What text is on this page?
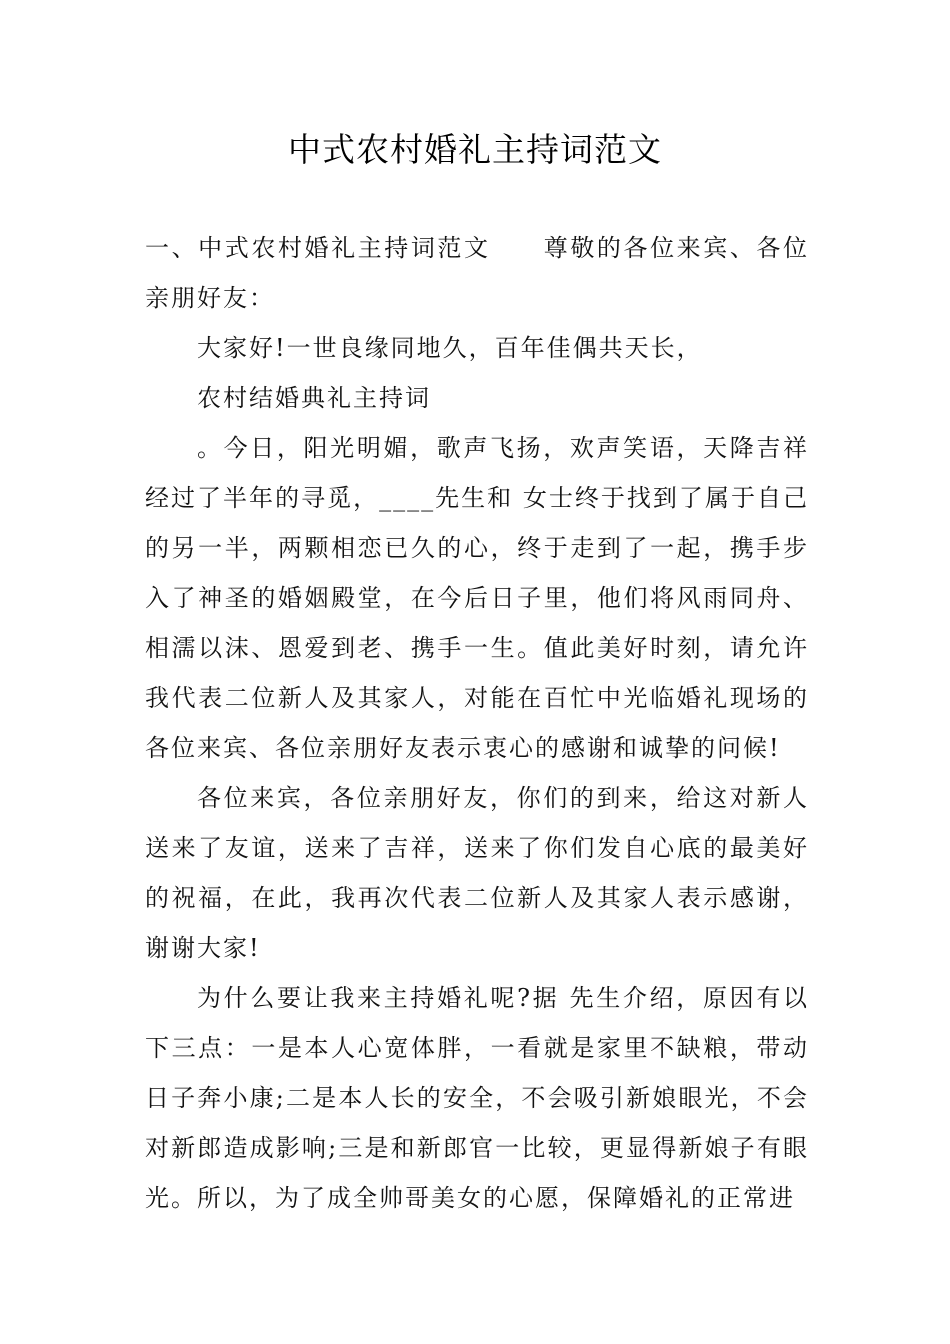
中式农村婚礼主持词范文

一、中式农村婚礼主持词范文　　尊敬的各位来宾、各位亲朋好友：

大家好!一世良缘同地久，百年佳偶共天长，

农村结婚典礼主持词

。今日，阳光明媚，歌声飞扬，欢声笑语，天降吉祥经过了半年的寻觅，____先生和 女士终于找到了属于自己的另一半，两颗相恋已久的心，终于走到了一起，携手步入了神圣的婚姻殿堂，在今后日子里，他们将风雨同舟、相濡以沫、恩爱到老、携手一生。值此美好时刻，请允许我代表二位新人及其家人，对能在百忙中光临婚礼现场的各位来宾、各位亲朋好友表示衷心的感谢和诚挚的问候!

各位来宾，各位亲朋好友，你们的到来，给这对新人送来了友谊，送来了吉祥，送来了你们发自心底的最美好的祝福，在此，我再次代表二位新人及其家人表示感谢，谢谢大家!

为什么要让我来主持婚礼呢?据 先生介绍，原因有以下三点：一是本人心宽体胖，一看就是家里不缺粮，带动日子奔小康;二是本人长的安全，不会吸引新娘眼光，不会对新郎造成影响;三是和新郎官一比较，更显得新娘子有眼光。所以，为了成全帅哥美女的心愿，保障婚礼的正常进
